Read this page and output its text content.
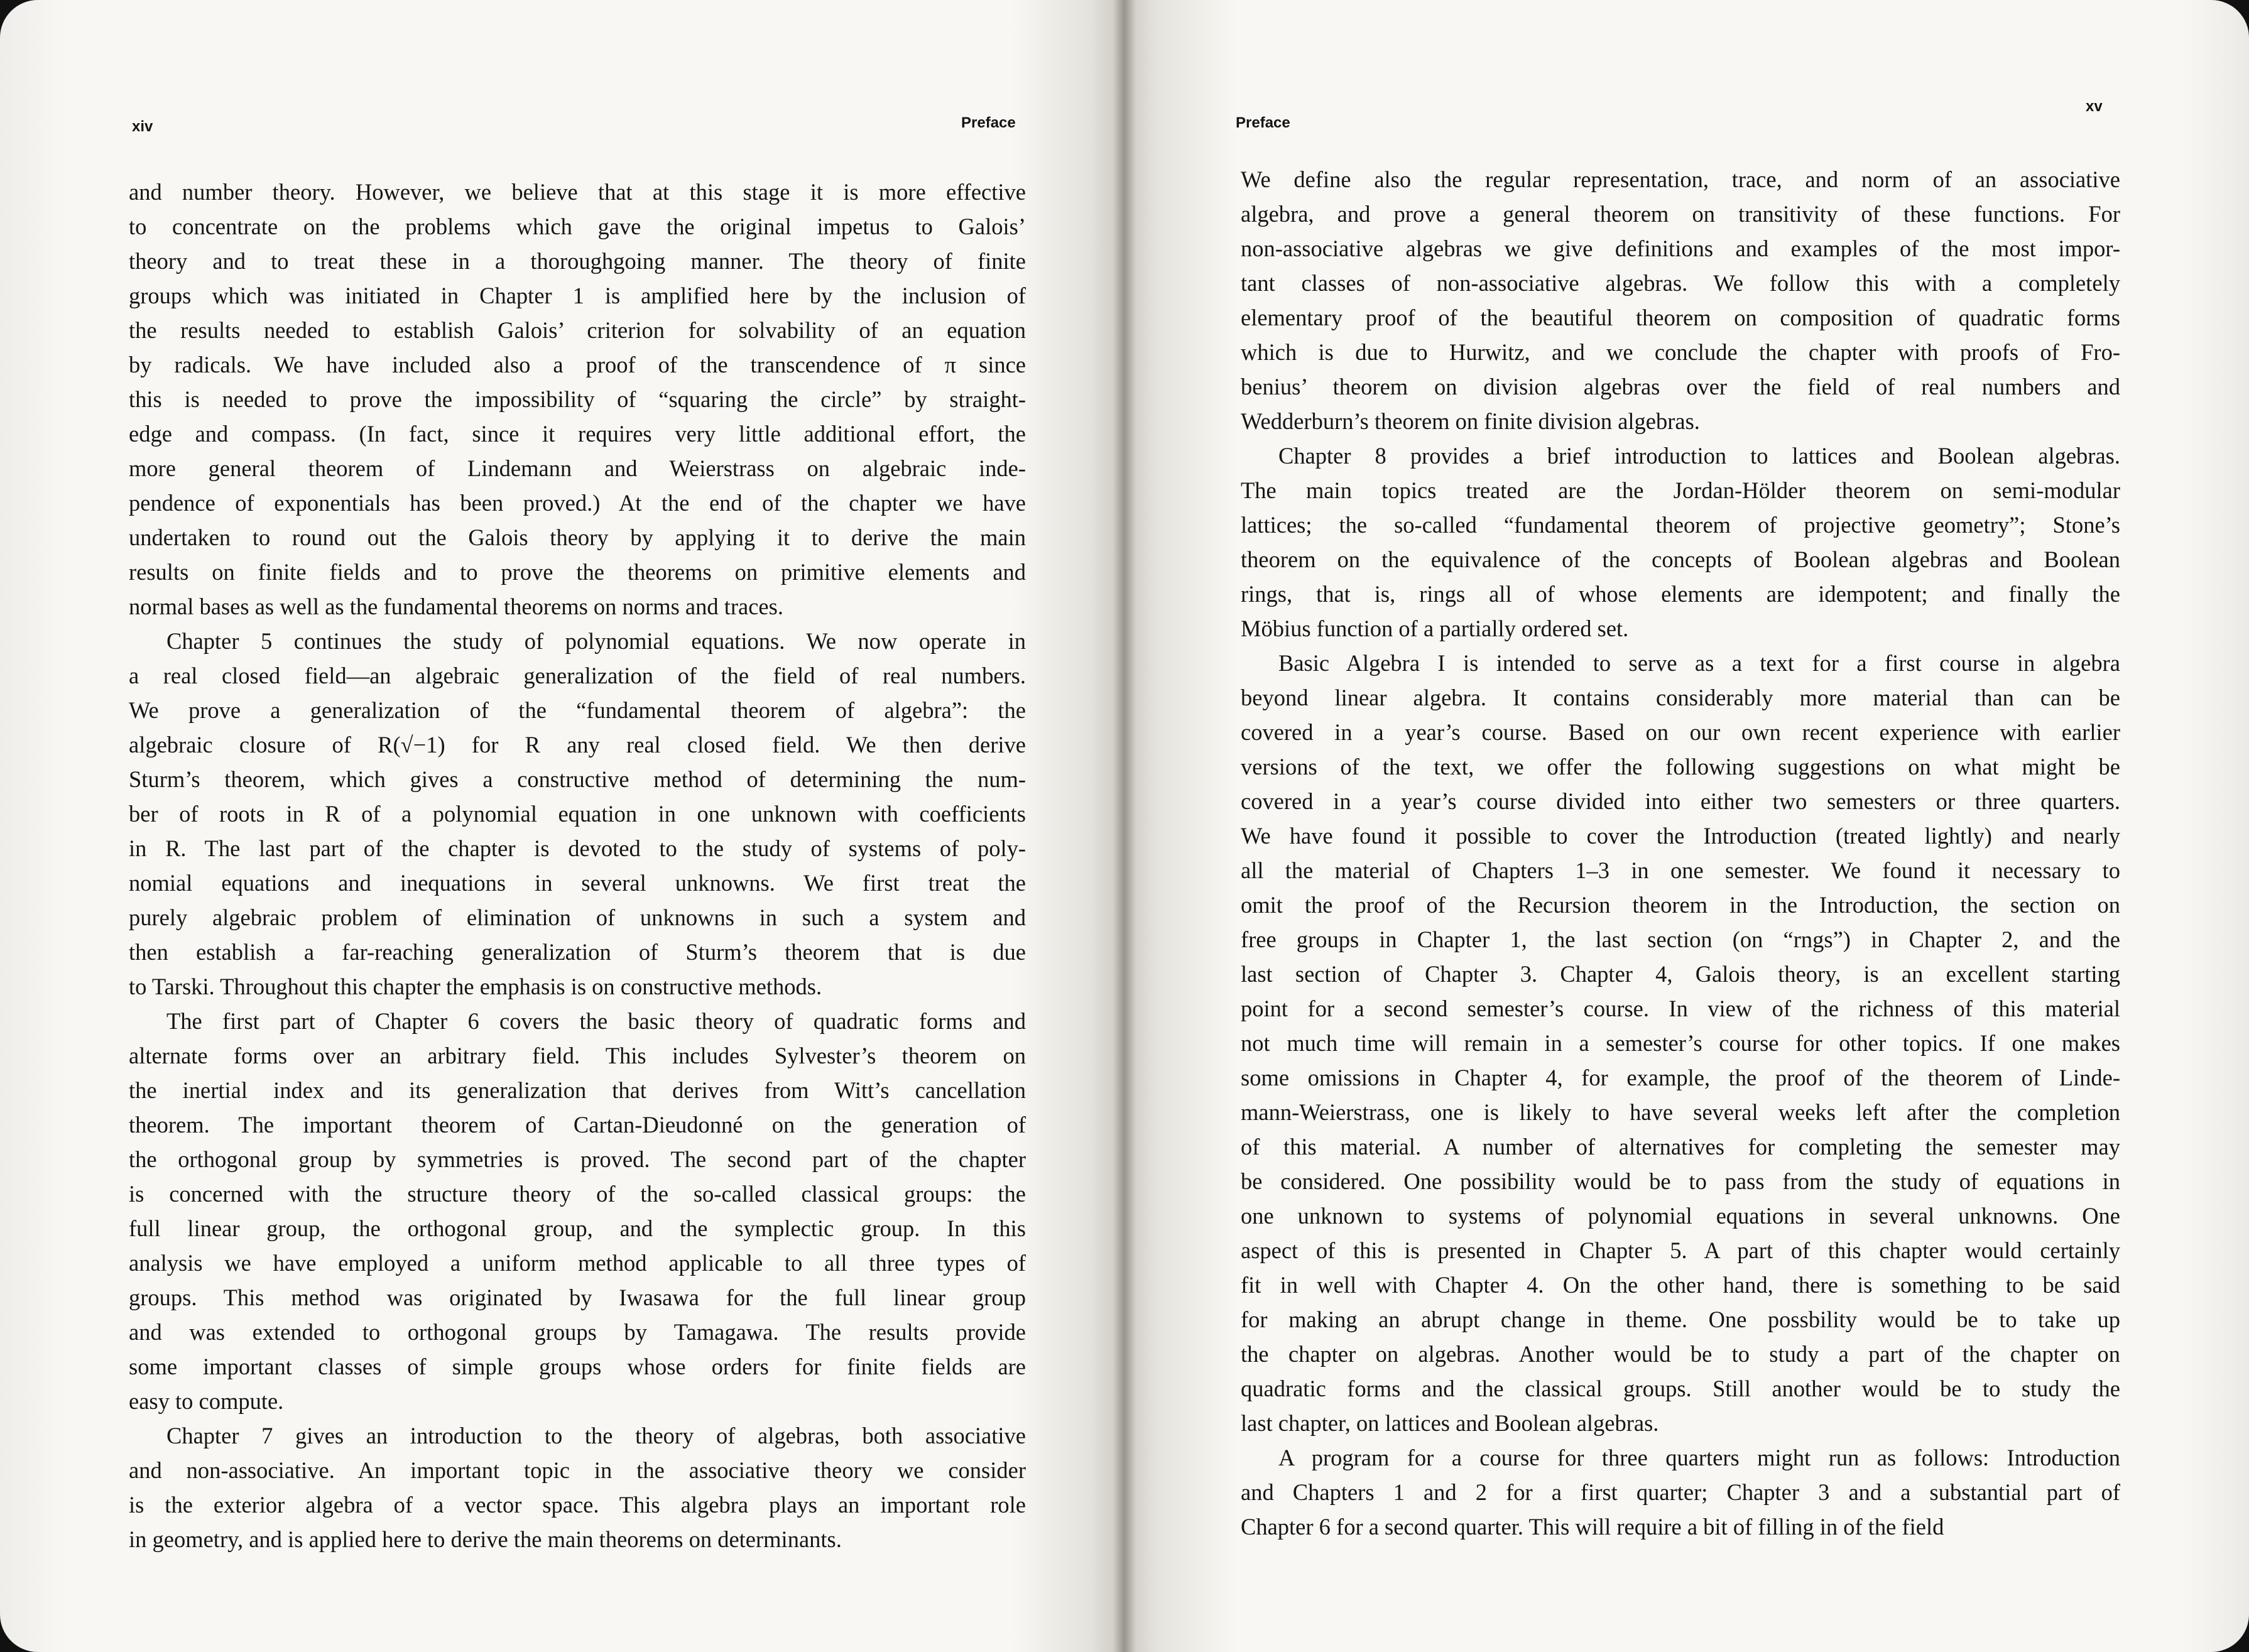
xiv	Preface

and number theory. However, we believe that at this stage it is more effective
to concentrate on the problems which gave the original impetus to Galois’
theory and to treat these in a thoroughgoing manner. The theory of finite
groups which was initiated in Chapter 1 is amplified here by the inclusion of
the results needed to establish Galois’ criterion for solvability of an equation
by radicals. We have included also a proof of the transcendence of π since
this is needed to prove the impossibility of “squaring the circle” by straight-
edge and compass. (In fact, since it requires very little additional effort, the
more general theorem of Lindemann and Weierstrass on algebraic inde-
pendence of exponentials has been proved.) At the end of the chapter we have
undertaken to round out the Galois theory by applying it to derive the main
results on finite fields and to prove the theorems on primitive elements and
normal bases as well as the fundamental theorems on norms and traces.

Chapter 5 continues the study of polynomial equations. We now operate in
a real closed field—an algebraic generalization of the field of real numbers.
We prove a generalization of the “fundamental theorem of algebra”: the
algebraic closure of R(√−1) for R any real closed field. We then derive
Sturm’s theorem, which gives a constructive method of determining the num-
ber of roots in R of a polynomial equation in one unknown with coefficients
in R. The last part of the chapter is devoted to the study of systems of poly-
nomial equations and inequations in several unknowns. We first treat the
purely algebraic problem of elimination of unknowns in such a system and
then establish a far-reaching generalization of Sturm’s theorem that is due
to Tarski. Throughout this chapter the emphasis is on constructive methods.

The first part of Chapter 6 covers the basic theory of quadratic forms and
alternate forms over an arbitrary field. This includes Sylvester’s theorem on
the inertial index and its generalization that derives from Witt’s cancellation
theorem. The important theorem of Cartan-Dieudonné on the generation of
the orthogonal group by symmetries is proved. The second part of the chapter
is concerned with the structure theory of the so-called classical groups: the
full linear group, the orthogonal group, and the symplectic group. In this
analysis we have employed a uniform method applicable to all three types of
groups. This method was originated by Iwasawa for the full linear group
and was extended to orthogonal groups by Tamagawa. The results provide
some important classes of simple groups whose orders for finite fields are
easy to compute.

Chapter 7 gives an introduction to the theory of algebras, both associative
and non-associative. An important topic in the associative theory we consider
is the exterior algebra of a vector space. This algebra plays an important role
in geometry, and is applied here to derive the main theorems on determinants.

Preface
xv

We define also the regular representation, trace, and norm of an associative
algebra, and prove a general theorem on transitivity of these functions. For
non-associative algebras we give definitions and examples of the most impor-
tant classes of non-associative algebras. We follow this with a completely
elementary proof of the beautiful theorem on composition of quadratic forms
which is due to Hurwitz, and we conclude the chapter with proofs of Fro-
benius’ theorem on division algebras over the field of real numbers and
Wedderburn’s theorem on finite division algebras.

Chapter 8 provides a brief introduction to lattices and Boolean algebras.
The main topics treated are the Jordan-Hölder theorem on semi-modular
lattices; the so-called “fundamental theorem of projective geometry”; Stone’s
theorem on the equivalence of the concepts of Boolean algebras and Boolean
rings, that is, rings all of whose elements are idempotent; and finally the
Möbius function of a partially ordered set.

Basic Algebra I is intended to serve as a text for a first course in algebra
beyond linear algebra. It contains considerably more material than can be
covered in a year’s course. Based on our own recent experience with earlier
versions of the text, we offer the following suggestions on what might be
covered in a year’s course divided into either two semesters or three quarters.
We have found it possible to cover the Introduction (treated lightly) and nearly
all the material of Chapters 1–3 in one semester. We found it necessary to
omit the proof of the Recursion theorem in the Introduction, the section on
free groups in Chapter 1, the last section (on “rngs”) in Chapter 2, and the
last section of Chapter 3. Chapter 4, Galois theory, is an excellent starting
point for a second semester’s course. In view of the richness of this material
not much time will remain in a semester’s course for other topics. If one makes
some omissions in Chapter 4, for example, the proof of the theorem of Linde-
mann-Weierstrass, one is likely to have several weeks left after the completion
of this material. A number of alternatives for completing the semester may
be considered. One possibility would be to pass from the study of equations in
one unknown to systems of polynomial equations in several unknowns. One
aspect of this is presented in Chapter 5. A part of this chapter would certainly
fit in well with Chapter 4. On the other hand, there is something to be said
for making an abrupt change in theme. One possbility would be to take up
the chapter on algebras. Another would be to study a part of the chapter on
quadratic forms and the classical groups. Still another would be to study the
last chapter, on lattices and Boolean algebras.

A program for a course for three quarters might run as follows: Introduction
and Chapters 1 and 2 for a first quarter; Chapter 3 and a substantial part of
Chapter 6 for a second quarter. This will require a bit of filling in of the field
